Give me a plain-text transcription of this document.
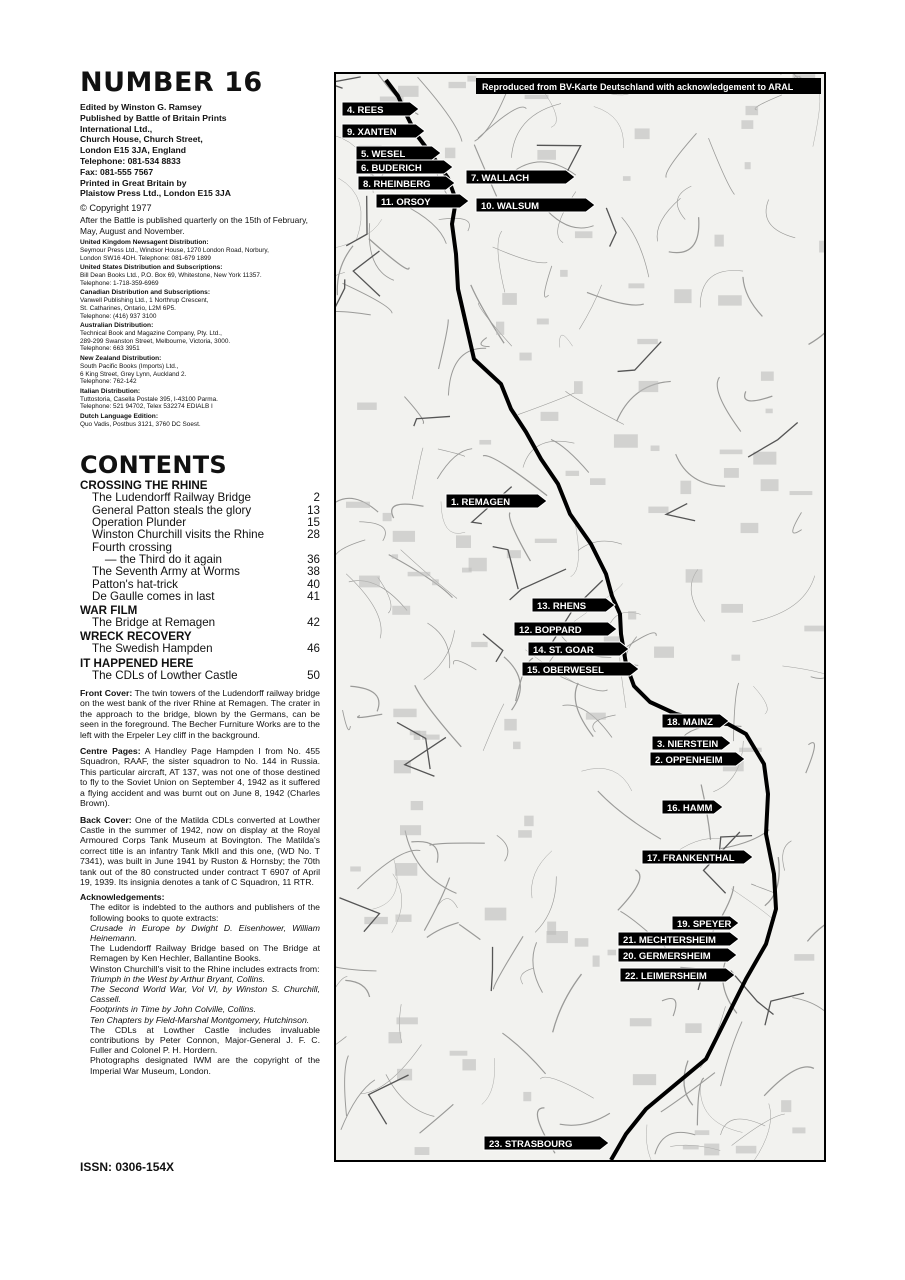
NUMBER 16

Edited by Winston G. Ramsey

Published by Battle of Britain Prints

International Ltd.,

Church House, Church Street,

London E15 3JA, England

Telephone: 081-534 8833

Fax: 081-555 7567

Printed in Great Britain by

Plaistow Press Ltd., London E15 3JA

© Copyright 1977
After the Battle is published quarterly on the 15th of February, May, August and November.
United Kingdom Newsagent Distribution:
Seymour Press Ltd., Windsor House, 1270 London Road, Norbury,
London SW16 4DH. Telephone: 081-679 1899
United States Distribution and Subscriptions:
Bill Dean Books Ltd., P.O. Box 69, Whitestone, New York 11357.
Telephone: 1-718-359-6969
Canadian Distribution and Subscriptions:
Vanwell Publishing Ltd., 1 Northrup Crescent,
St. Catharines, Ontario, L2M 6P5.
Telephone: (416) 937 3100
Australian Distribution:
Technical Book and Magazine Company, Pty. Ltd.,
289-299 Swanston Street, Melbourne, Victoria, 3000.
Telephone: 663 3951
New Zealand Distribution:
South Pacific Books (Imports) Ltd.,
6 King Street, Grey Lynn, Auckland 2.
Telephone: 762-142
Italian Distribution:
Tuttostoria, Casella Postale 395, I-43100 Parma.
Telephone: 521 94702, Telex 532274 EDIALB I
Dutch Language Edition:
Quo Vadis, Postbus 3121, 3760 DC Soest.
CONTENTS
CROSSING THE RHINE
The Ludendorff Railway Bridge	2
General Patton steals the glory	13
Operation Plunder	15
Winston Churchill visits the Rhine	28
Fourth crossing
— the Third do it again	36
The Seventh Army at Worms	38
Patton's hat-trick	40
De Gaulle comes in last	41
WAR FILM
The Bridge at Remagen	42
WRECK RECOVERY
The Swedish Hampden	46
IT HAPPENED HERE
The CDLs of Lowther Castle	50
Front Cover: The twin towers of the Ludendorff railway bridge on the west bank of the river Rhine at Remagen. The crater in the approach to the bridge, blown by the Germans, can be seen in the foreground. The Becher Furniture Works are to the left with the Erpeler Ley cliff in the background.
Centre Pages: A Handley Page Hampden I from No. 455 Squadron, RAAF, the sister squadron to No. 144 in Russia. This particular aircraft, AT 137, was not one of those destined to fly to the Soviet Union on September 4, 1942 as it suffered a flying accident and was burnt out on June 8, 1942 (Charles Brown).
Back Cover: One of the Matilda CDLs converted at Lowther Castle in the summer of 1942, now on display at the Royal Armoured Corps Tank Museum at Bovington. The Matilda's correct title is an infantry Tank MkII and this one, (WD No. T 7341), was built in June 1941 by Ruston & Hornsby; the 70th tank out of the 80 constructed under contract T 6907 of April 19, 1939. Its insignia denotes a tank of C Squadron, 11 RTR.
Acknowledgements:

The editor is indebted to the authors and publishers of the following books to quote extracts:

Crusade in Europe by Dwight D. Eisenhower, William Heinemann.

The Ludendorff Railway Bridge based on The Bridge at Remagen by Ken Hechler, Ballantine Books.

Winston Churchill's visit to the Rhine includes extracts from:

Triumph in the West by Arthur Bryant, Collins.

The Second World War, Vol VI, by Winston S. Churchill, Cassell.

Footprints in Time by John Colville, Collins.

Ten Chapters by Field-Marshal Montgomery, Hutchinson.

The CDLs at Lowther Castle includes invaluable contributions by Peter Connon, Major-General J. F. C. Fuller and Colonel P. H. Hordern.

Photographs designated IWM are the copyright of the Imperial War Museum, London.

ISSN: 0306-154X
Reproduced from BV-Karte Deutschland with acknowledgement to ARAL
4. REES
9. XANTEN
5. WESEL
6. BUDERICH
8. RHEINBERG
11. ORSOY
1. REMAGEN
7. WALLACH
10. WALSUM
13. RHENS
12. BOPPARD
14. ST. GOAR
15. OBERWESEL
18. MAINZ
3. NIERSTEIN
2. OPPENHEIM
16. HAMM
17. FRANKENTHAL
19. SPEYER
21. MECHTERSHEIM
20. GERMERSHEIM
22. LEIMERSHEIM
23. STRASBOURG
